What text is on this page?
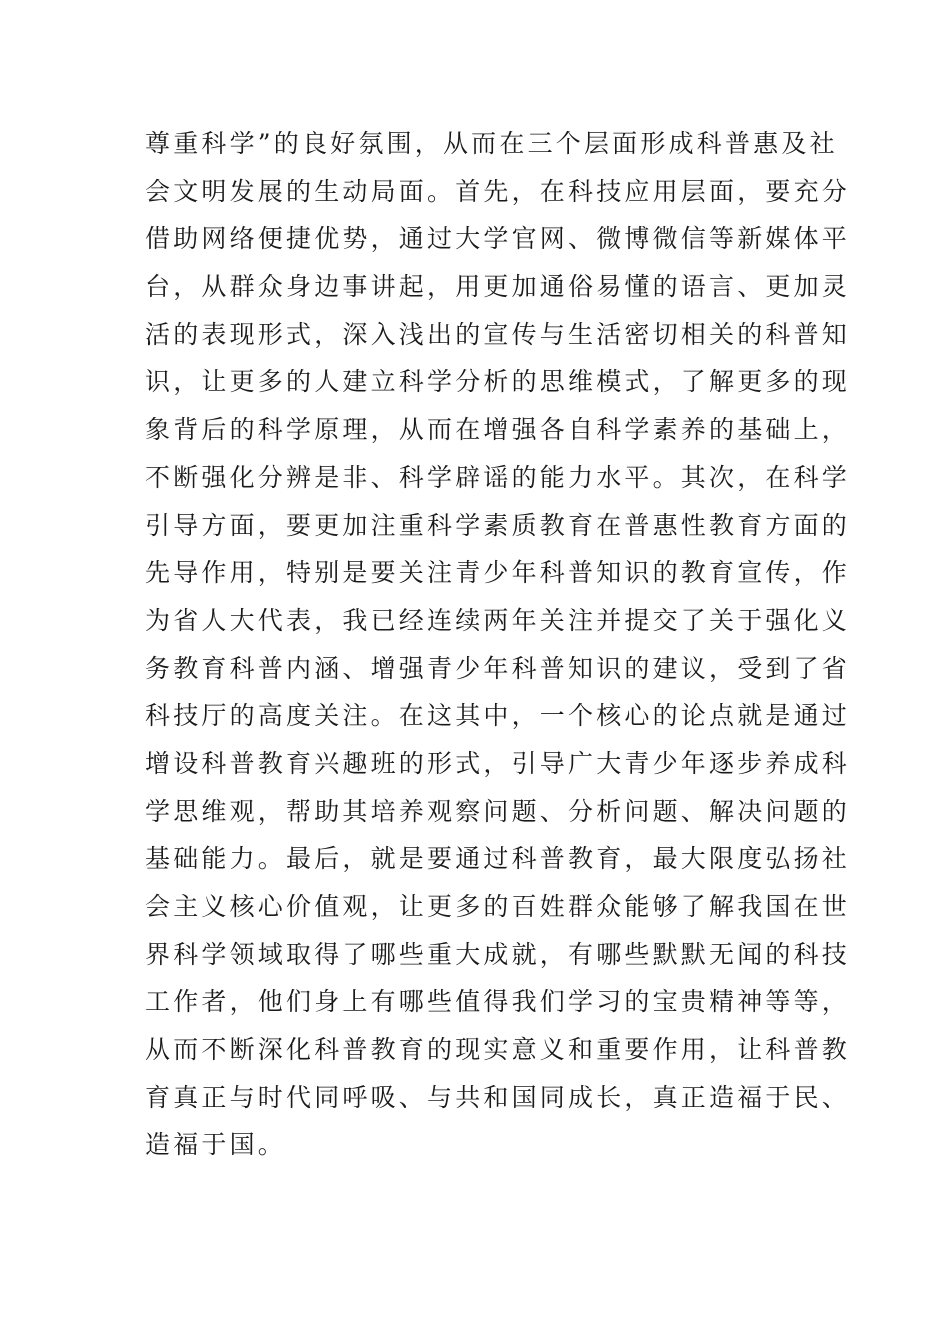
尊重科学”的良好氛围，从而在三个层面形成科普惠及社
会文明发展的生动局面。首先，在科技应用层面，要充分
借助网络便捷优势，通过大学官网、微博微信等新媒体平
台，从群众身边事讲起，用更加通俗易懂的语言、更加灵
活的表现形式，深入浅出的宣传与生活密切相关的科普知
识，让更多的人建立科学分析的思维模式，了解更多的现
象背后的科学原理，从而在增强各自科学素养的基础上，
不断强化分辨是非、科学辟谣的能力水平。其次，在科学
引导方面，要更加注重科学素质教育在普惠性教育方面的
先导作用，特别是要关注青少年科普知识的教育宣传，作
为省人大代表，我已经连续两年关注并提交了关于强化义
务教育科普内涵、增强青少年科普知识的建议，受到了省
科技厅的高度关注。在这其中，一个核心的论点就是通过
增设科普教育兴趣班的形式，引导广大青少年逐步养成科
学思维观，帮助其培养观察问题、分析问题、解决问题的
基础能力。最后，就是要通过科普教育，最大限度弘扬社
会主义核心价值观，让更多的百姓群众能够了解我国在世
界科学领域取得了哪些重大成就，有哪些默默无闻的科技
工作者，他们身上有哪些值得我们学习的宝贵精神等等，
从而不断深化科普教育的现实意义和重要作用，让科普教
育真正与时代同呼吸、与共和国同成长，真正造福于民、
造福于国。
